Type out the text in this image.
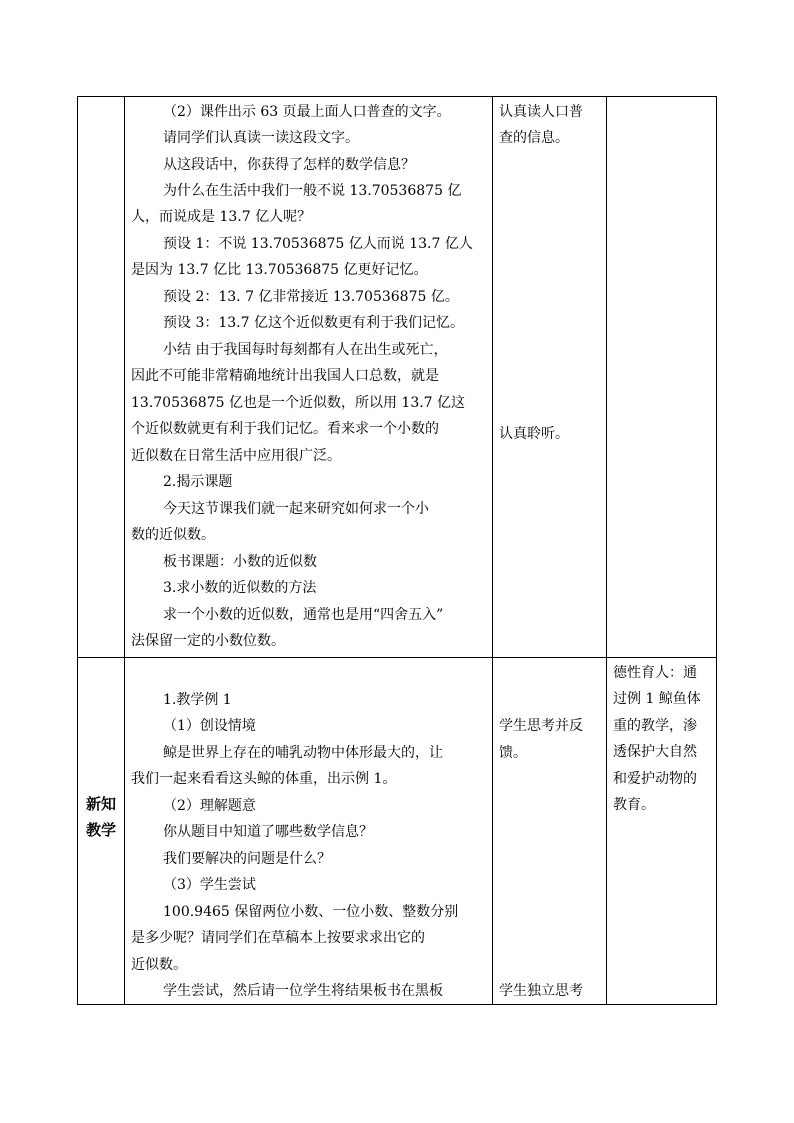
（2）课件出示 63 页最上面人口普查的文字。
请同学们认真读一读这段文字。
从这段话中，你获得了怎样的数学信息？
为什么在生活中我们一般不说 13.70536875 亿
人，而说成是 13.7 亿人呢？
预设 1：不说 13.70536875 亿人而说 13.7 亿人
是因为 13.7 亿比 13.70536875 亿更好记忆。
预设 2：13. 7 亿非常接近 13.70536875 亿。
预设 3：13.7 亿这个近似数更有利于我们记忆。
小结 由于我国每时每刻都有人在出生或死亡，
因此不可能非常精确地统计出我国人口总数，就是
13.70536875 亿也是一个近似数，所以用 13.7 亿这
个近似数就更有利于我们记忆。看来求一个小数的
近似数在日常生活中应用很广泛。
2.揭示课题
今天这节课我们就一起来研究如何求一个小
数的近似数。
板书课题：小数的近似数
3.求小数的近似数的方法
求一个小数的近似数，通常也是用“四舍五入”
法保留一定的小数位数。
认真读人口普
查的信息。
认真聆听。
新知
教学
1.教学例 1
（1）创设情境
鲸是世界上存在的哺乳动物中体形最大的，让
我们一起来看看这头鲸的体重，出示例 1。
（2）理解题意
你从题目中知道了哪些数学信息？
我们要解决的问题是什么？
（3）学生尝试
100.9465 保留两位小数、一位小数、整数分别
是多少呢？请同学们在草稿本上按要求求出它的
近似数。
学生尝试，然后请一位学生将结果板书在黑板
学生思考并反
馈。
学生独立思考
德性育人：通
过例 1 鲸鱼体
重的教学，渗
透保护大自然
和爱护动物的
教育。
